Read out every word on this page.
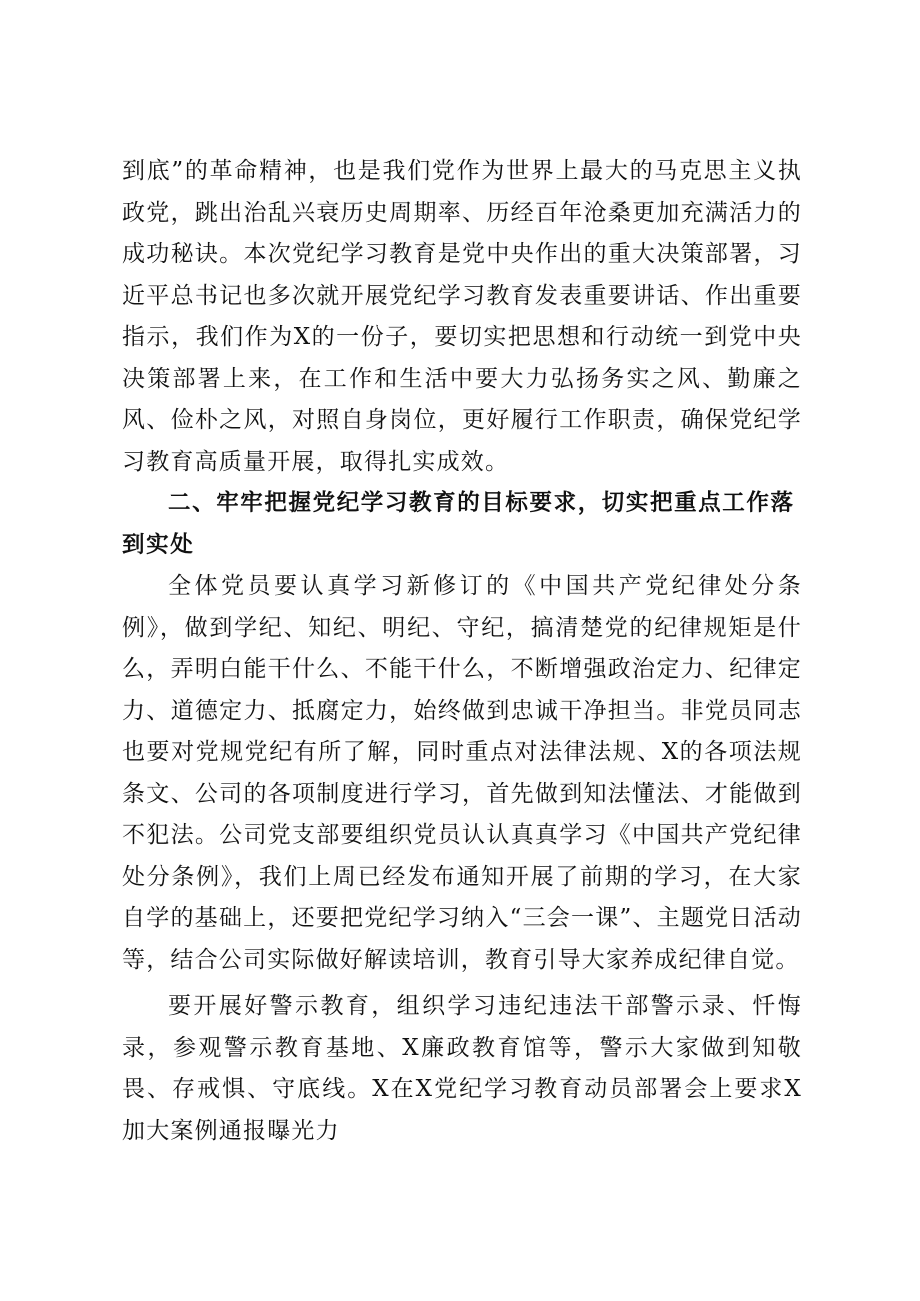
到底”的革命精神，也是我们党作为世界上最大的马克思主义执政党，跳出治乱兴衰历史周期率、历经百年沧桑更加充满活力的成功秘诀。本次党纪学习教育是党中央作出的重大决策部署，习近平总书记也多次就开展党纪学习教育发表重要讲话、作出重要指示，我们作为X的一份子，要切实把思想和行动统一到党中央决策部署上来，在工作和生活中要大力弘扬务实之风、勤廉之风、俭朴之风，对照自身岗位，更好履行工作职责，确保党纪学习教育高质量开展，取得扎实成效。

二、牢牢把握党纪学习教育的目标要求，切实把重点工作落到实处

全体党员要认真学习新修订的《中国共产党纪律处分条例》，做到学纪、知纪、明纪、守纪，搞清楚党的纪律规矩是什么，弄明白能干什么、不能干什么，不断增强政治定力、纪律定力、道德定力、抵腐定力，始终做到忠诚干净担当。非党员同志也要对党规党纪有所了解，同时重点对法律法规、X的各项法规条文、公司的各项制度进行学习，首先做到知法懂法、才能做到不犯法。公司党支部要组织党员认认真真学习《中国共产党纪律处分条例》，我们上周已经发布通知开展了前期的学习，在大家自学的基础上，还要把党纪学习纳入“三会一课”、主题党日活动等，结合公司实际做好解读培训，教育引导大家养成纪律自觉。

要开展好警示教育，组织学习违纪违法干部警示录、忏悔录，参观警示教育基地、X廉政教育馆等，警示大家做到知敬畏、存戒惧、守底线。X在X党纪学习教育动员部署会上要求X加大案例通报曝光力
